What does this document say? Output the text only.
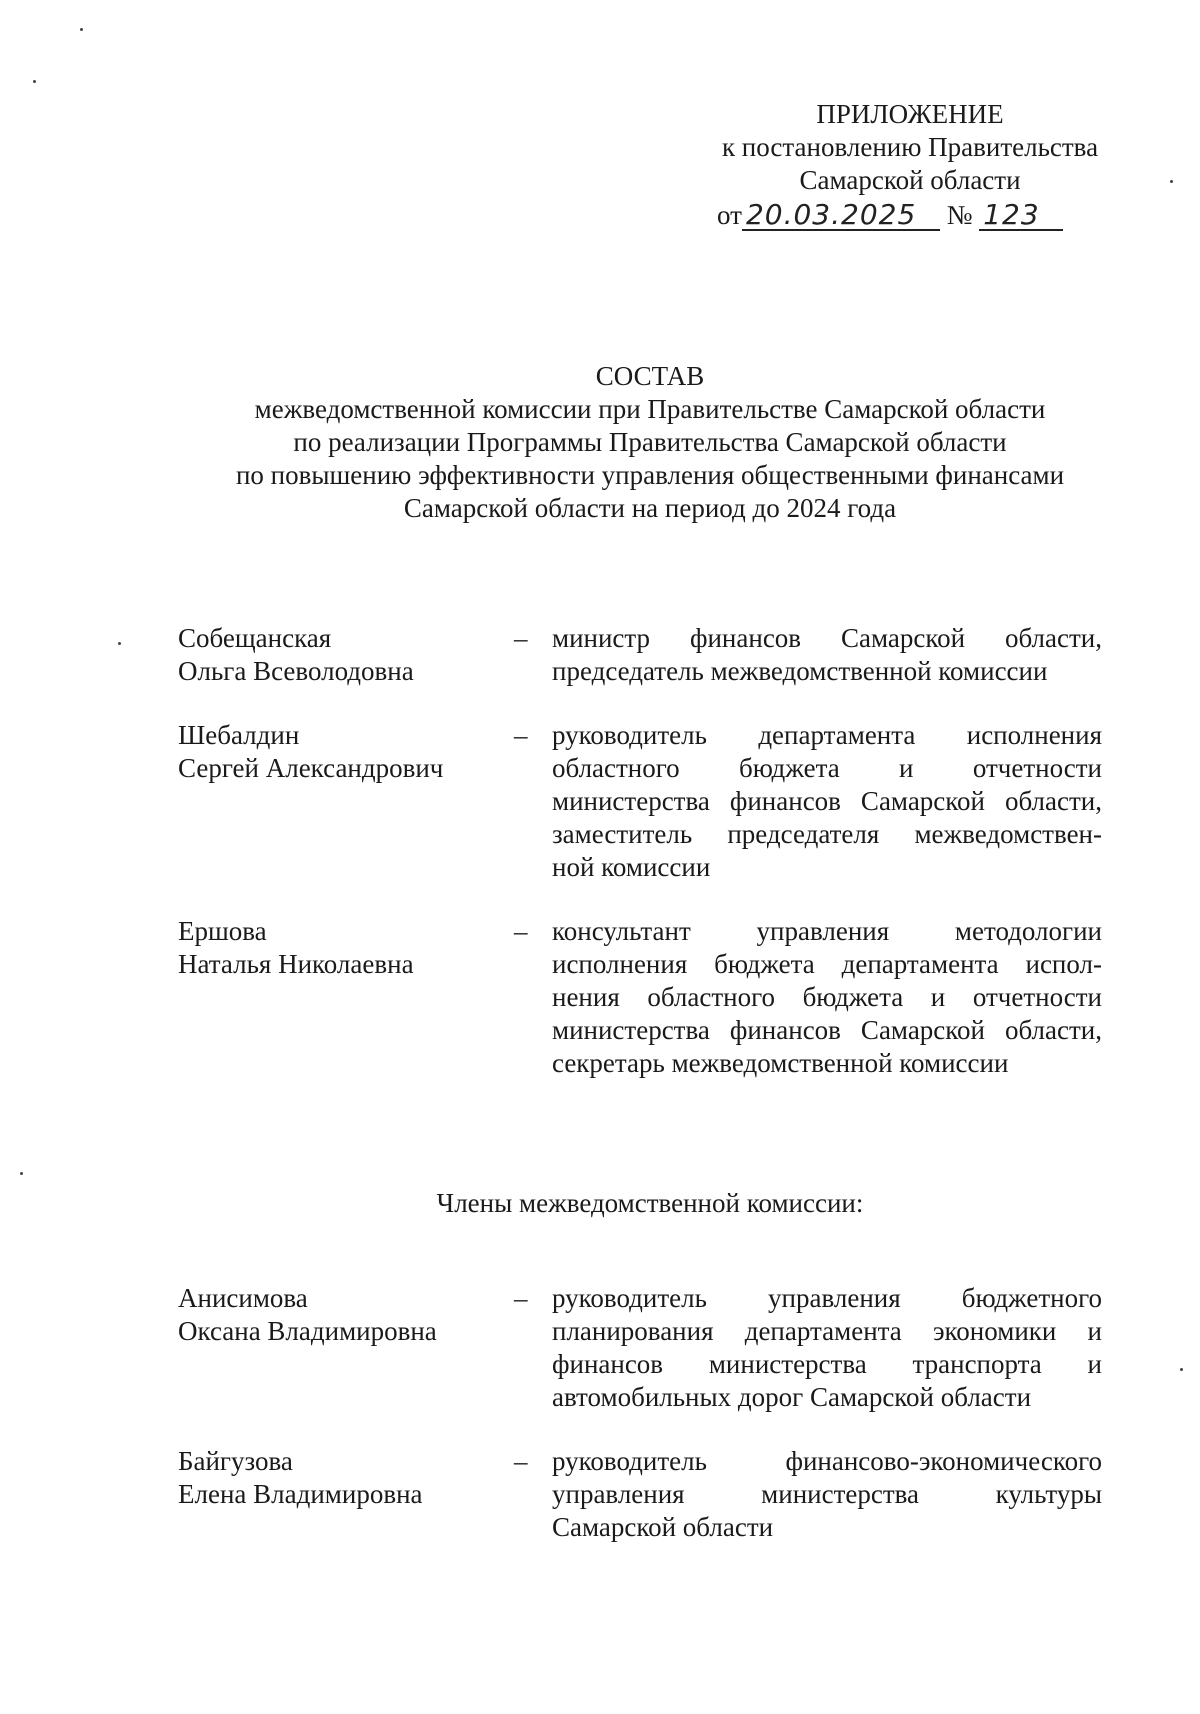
ПРИЛОЖЕНИЕ
к постановлению Правительства
Самарской области
от 20.03.2025 № 123
СОСТАВ
межведомственной комиссии при Правительстве Самарской области
по реализации Программы Правительства Самарской области
по повышению эффективности управления общественными финансами
Самарской области на период до 2024 года
Собещанская
Ольга Всеволодовна
– министр финансов Самарской области,
председатель межведомственной комиссии
Шебалдин
Сергей Александрович
– руководитель департамента исполнения
областного бюджета и отчетности
министерства финансов Самарской области,
заместитель председателя межведомствен-
ной комиссии
Ершова
Наталья Николаевна
– консультант управления методологии
исполнения бюджета департамента испол-
нения областного бюджета и отчетности
министерства финансов Самарской области,
секретарь межведомственной комиссии
Члены межведомственной комиссии:
Анисимова
Оксана Владимировна
– руководитель управления бюджетного
планирования департамента экономики и
финансов министерства транспорта и
автомобильных дорог Самарской области
Байгузова
Елена Владимировна
– руководитель финансово-экономического
управления министерства культуры
Самарской области
